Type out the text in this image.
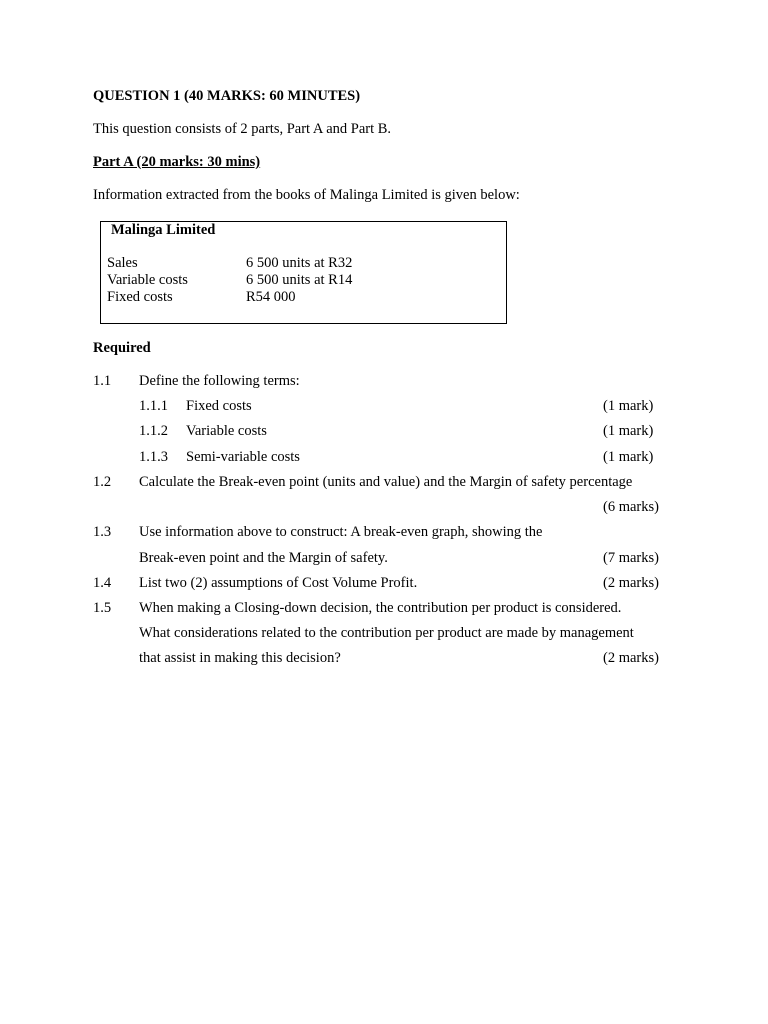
QUESTION 1 (40 MARKS: 60 MINUTES)
This question consists of 2 parts, Part A and Part B.
Part A (20 marks: 30 mins)
Information extracted from the books of Malinga Limited is given below:
Malinga Limited
Sales	6 500 units at R32
Variable costs	6 500 units at R14
Fixed costs	R54 000
Required
1.1 Define the following terms:
1.1.1 Fixed costs	(1 mark)
1.1.2 Variable costs	(1 mark)
1.1.3 Semi-variable costs	(1 mark)
1.2 Calculate the Break-even point (units and value) and the Margin of safety percentage
(6 marks)
1.3 Use information above to construct: A break-even graph, showing the
Break-even point and the Margin of safety.	(7 marks)
1.4 List two (2) assumptions of Cost Volume Profit.	(2 marks)
1.5 When making a Closing-down decision, the contribution per product is considered.
What considerations related to the contribution per product are made by management
that assist in making this decision?	(2 marks)
